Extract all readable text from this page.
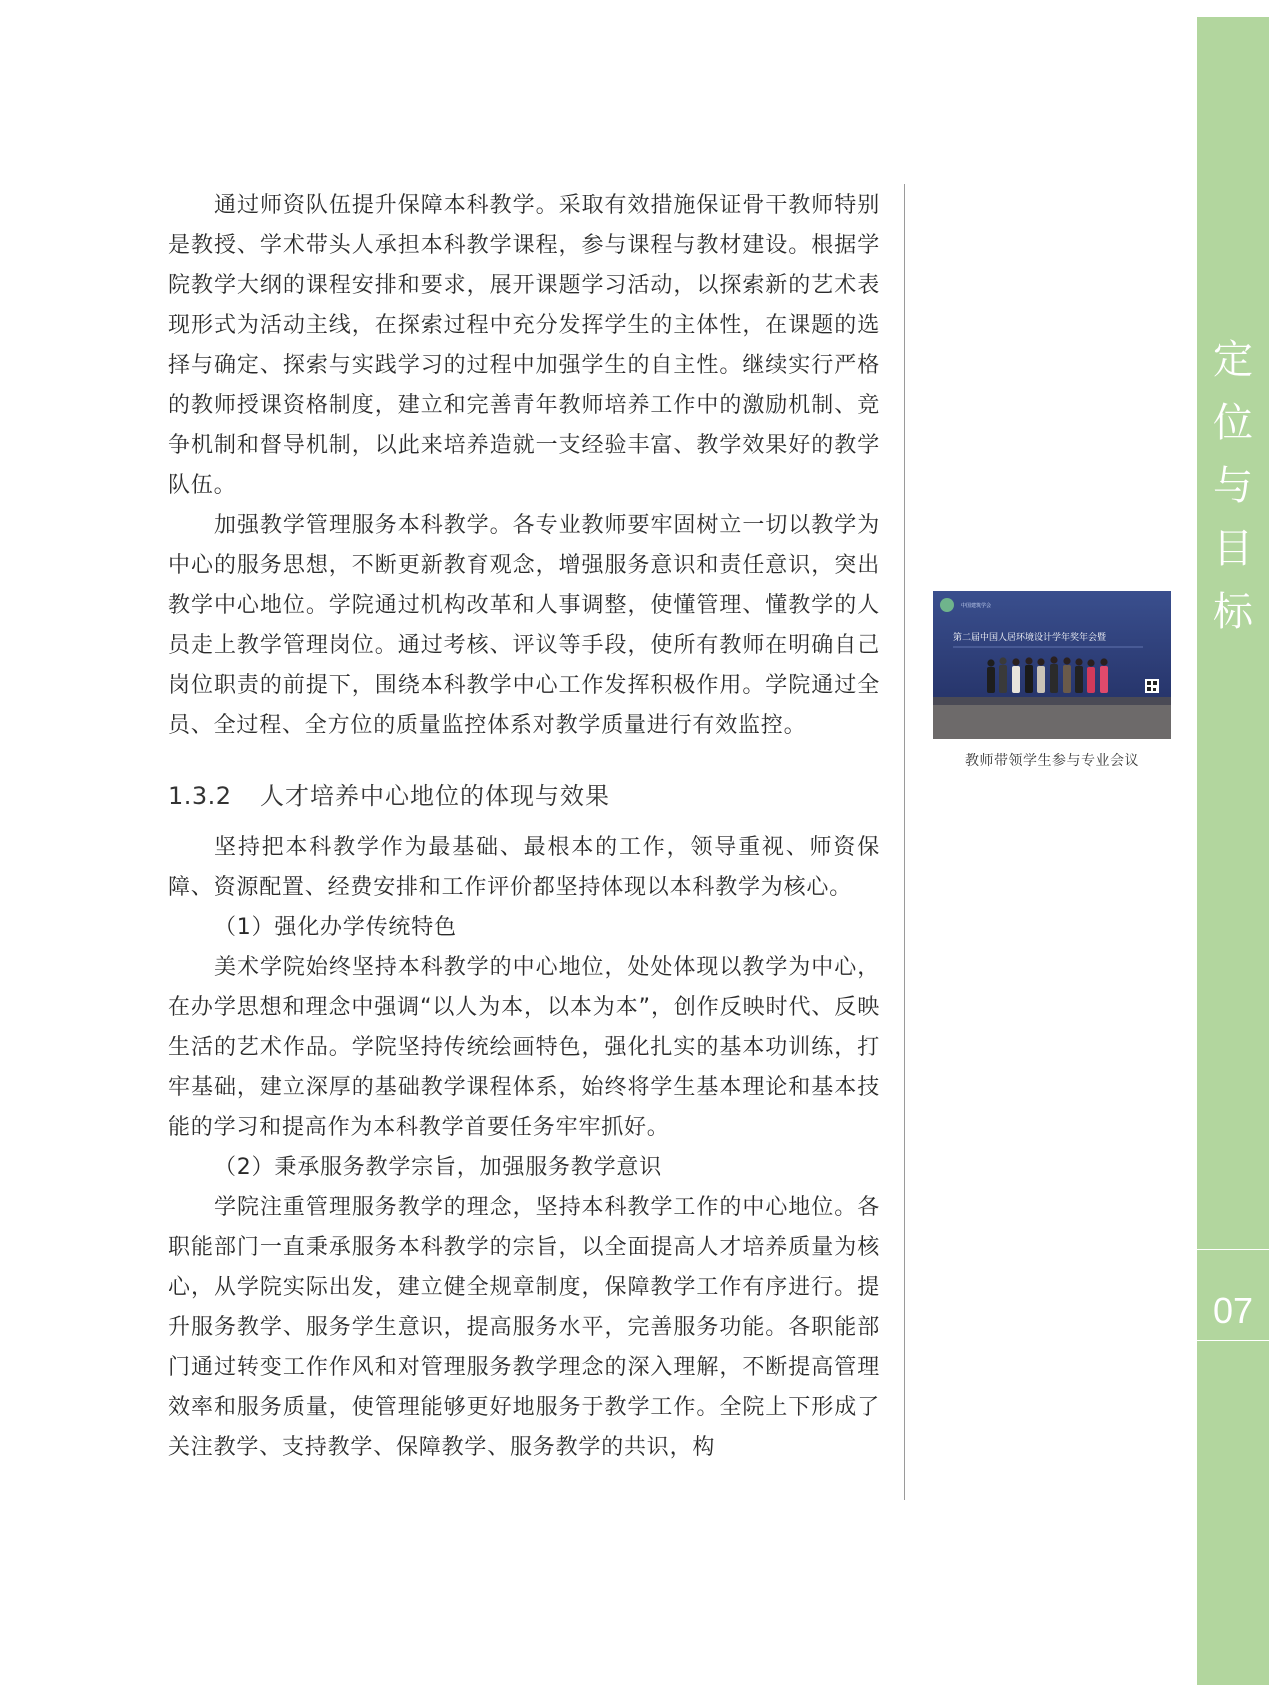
通过师资队伍提升保障本科教学。采取有效措施保证骨干教师特别是教授、学术带头人承担本科教学课程，参与课程与教材建设。根据学院教学大纲的课程安排和要求，展开课题学习活动，以探索新的艺术表现形式为活动主线，在探索过程中充分发挥学生的主体性，在课题的选择与确定、探索与实践学习的过程中加强学生的自主性。继续实行严格的教师授课资格制度，建立和完善青年教师培养工作中的激励机制、竞争机制和督导机制，以此来培养造就一支经验丰富、教学效果好的教学队伍。

加强教学管理服务本科教学。各专业教师要牢固树立一切以教学为中心的服务思想，不断更新教育观念，增强服务意识和责任意识，突出教学中心地位。学院通过机构改革和人事调整，使懂管理、懂教学的人员走上教学管理岗位。通过考核、评议等手段，使所有教师在明确自己岗位职责的前提下，围绕本科教学中心工作发挥积极作用。学院通过全员、全过程、全方位的质量监控体系对教学质量进行有效监控。

1.3.2	人才培养中心地位的体现与效果

坚持把本科教学作为最基础、最根本的工作，领导重视、师资保障、资源配置、经费安排和工作评价都坚持体现以本科教学为核心。

（1）强化办学传统特色

美术学院始终坚持本科教学的中心地位，处处体现以教学为中心，在办学思想和理念中强调“以人为本，以本为本”，创作反映时代、反映生活的艺术作品。学院坚持传统绘画特色，强化扎实的基本功训练，打牢基础，建立深厚的基础教学课程体系，始终将学生基本理论和基本技能的学习和提高作为本科教学首要任务牢牢抓好。

（2）秉承服务教学宗旨，加强服务教学意识

学院注重管理服务教学的理念，坚持本科教学工作的中心地位。各职能部门一直秉承服务本科教学的宗旨，以全面提高人才培养质量为核心，从学院实际出发，建立健全规章制度，保障教学工作有序进行。提升服务教学、服务学生意识，提高服务水平，完善服务功能。各职能部门通过转变工作作风和对管理服务教学理念的深入理解，不断提高管理效率和服务质量，使管理能够更好地服务于教学工作。全院上下形成了关注教学、支持教学、保障教学、服务教学的共识，构

中国建筑学会
第二届中国人居环境设计学年奖年会暨
教师带领学生参与专业会议
定
位
与
目
标
07
